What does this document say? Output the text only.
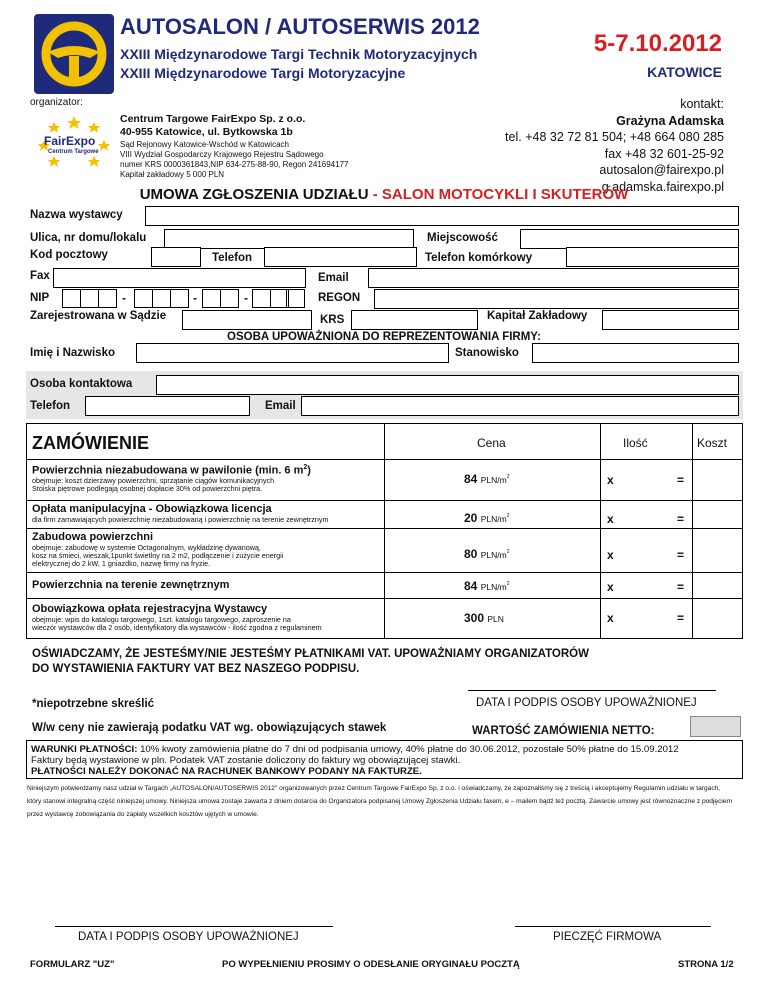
AUTOSALON / AUTOSERWIS 2012
XXIII Międzynarodowe Targi Technik Motoryzacyjnych
XXIII Międzynarodowe Targi Motoryzacyjne
5-7.10.2012
KATOWICE
organizator:
FairExpo
Centrum Targowe
Centrum Targowe FairExpo Sp. z o.o.
40-955 Katowice, ul. Bytkowska 1b
Sąd Rejonowy Katowice-Wschód w Katowicach
VIII Wydział Gospodarczy Krajowego Rejestru Sądowego
numer KRS 0000361843,NIP 634-275-88-90, Regon 241694177
Kapitał zakładowy 5 000 PLN
kontakt:
Grażyna Adamska
tel. +48 32 72 81 504; +48 664 080 285
fax +48 32 601-25-92
autosalon@fairexpo.pl
g.adamska.fairexpo.pl
UMOWA ZGŁOSZENIA UDZIAŁU - SALON MOTOCYKLI I SKUTERÓW
Nazwa wystawcy
Ulica, nr domu/lokalu	Miejscowość
Kod pocztowy	Telefon	Telefon komórkowy
Fax	Email
NIP	-	-	-	REGON
Zarejestrowana w Sądzie	KRS	Kapitał Zakładowy
OSOBA UPOWAŻNIONA DO REPREZENTOWANIA FIRMY:
Imię i Nazwisko	Stanowisko
Osoba kontaktowa
Telefon	Email
ZAMÓWIENIE	Cena	Ilość	Koszt
Powierzchnia niezabudowana w pawilonie (min. 6 $m^2$)
obejmuje: koszt dzierżawy powierzchni, sprzątanie ciągów komunikacyjnych
Stoiska piętrowe podlegają osobnej dopłacie 30% od powierzchni piętra.
84 PLN/$m^2$	x	=
Opłata manipulacyjna - Obowiązkowa licencja
dla firm zamawiających powierzchnię niezabudowaną i powierzchnię na terenie zewnętrznym	20 PLN/$m^2$	x	=
Zabudowa powierzchni
obejmuje: zabudowę w systemie Octagonalnym, wykładzinę dywanową,
kosz na śmieci, wieszak,1punkt świetlny na 2 m2, podłączenie i zużycie energii
elektrycznej do 2 kW, 1 gniazdko, nazwę firmy na fryzie.
80 PLN/$m^2$	x	=
Powierzchnia na terenie zewnętrznym	84 PLN/$m^2$	x	=
Obowiązkowa opłata rejestracyjna Wystawcy
obejmuje: wpis do katalogu targowego, 1szt. katalogu targowego, zaproszenie na
wieczór wystawców dla 2 osób, identyfikatory dla wystawców - ilość zgodna z regulaminem
300 PLN	x	=
OŚWIADCZAMY, ŻE JESTEŚMY/NIE JESTEŚMY PŁATNIKAMI VAT. UPOWAŻNIAMY ORGANIZATORÓW
DO WYSTAWIENIA FAKTURY VAT BEZ NASZEGO PODPISU.
*niepotrzebne skreślić	DATA I PODPIS OSOBY UPOWAŻNIONEJ
W/w ceny nie zawierają podatku VAT wg. obowiązujących stawek	WARTOŚĆ ZAMÓWIENIA NETTO:
WARUNKI PŁATNOŚCI: 10% kwoty zamówienia płatne do 7 dni od podpisania umowy, 40% płatne do 30.06.2012, pozostałe 50% płatne do 15.09.2012
Faktury będą wystawione w pln. Podatek VAT zostanie doliczony do faktury wg obowiązującej stawki.
PŁATNOŚCI NALEŻY DOKONAĆ NA RACHUNEK BANKOWY PODANY NA FAKTURZE.
Niniejszym potwierdzamy nasz udział w Targach „AUTOSALON/AUTOSERWIS 2012" organizowanych przez Centrum Targowe FairExpo Sp. z o.o. i oświadczamy, że zapoznaliśmy się z treścią i akceptujemy Regulamin udziału w targach,
który stanowi integralną część niniejszej umowy. Niniejsza umowa zostaje zawarta z dniem dotarcia do Organizatora podpisanej Umowy Zgłoszenia Udziału faxem, e – mailem bądź też pocztą. Zawarcie umowy jest równoznaczne z podjęciem
przez wystawcę zobowiązania do zapłaty wszelkich kosztów ujętych w umowie.
DATA I PODPIS OSOBY UPOWAŻNIONEJ	PIECZĘĆ FIRMOWA
FORMULARZ "UZ"	PO WYPEŁNIENIU PROSIMY O ODESŁANIE ORYGINAŁU POCZTĄ	STRONA 1/2
